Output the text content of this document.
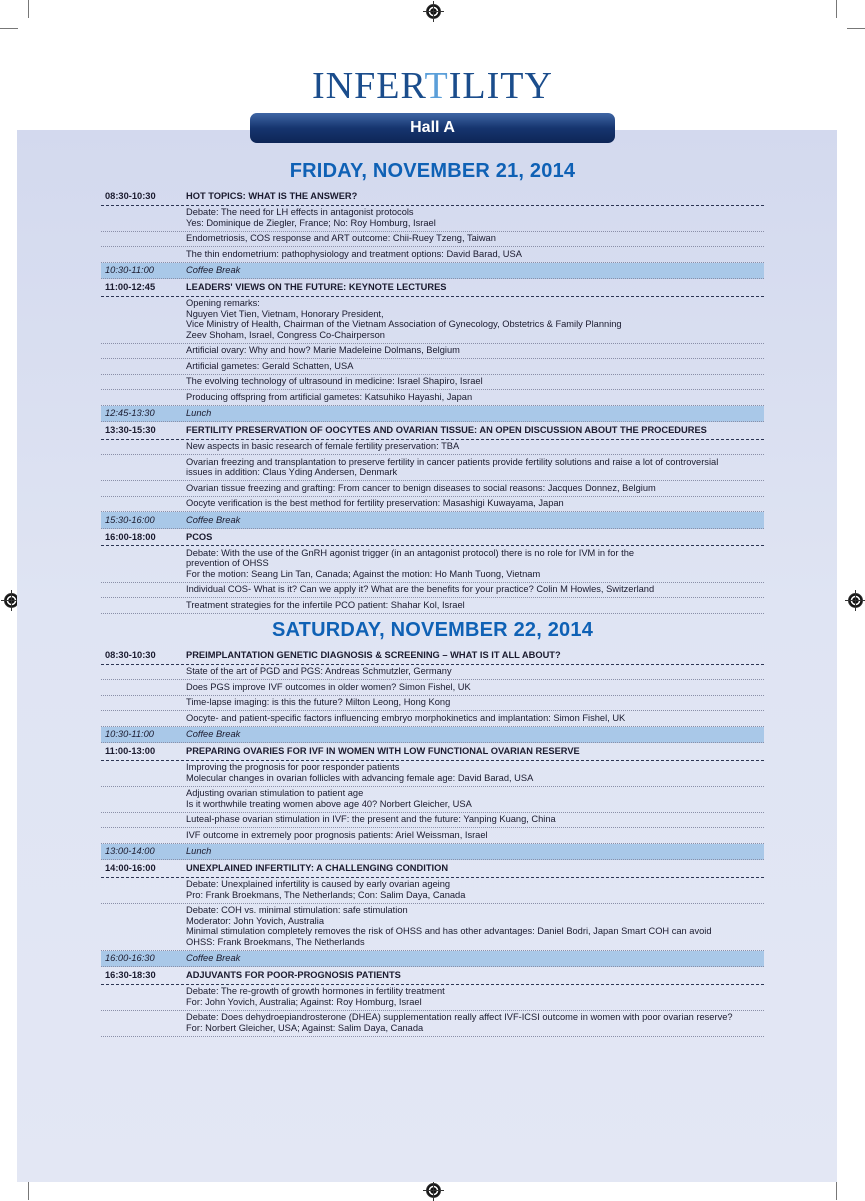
INFERTILITY
Hall A
FRIDAY, NOVEMBER 21, 2014
08:30-10:30	HOT TOPICS: WHAT IS THE ANSWER?
Debate: The need for LH effects in antagonist protocols
Yes: Dominique de Ziegler, France; No: Roy Homburg, Israel
Endometriosis, COS response and ART outcome: Chii-Ruey Tzeng, Taiwan
The thin endometrium: pathophysiology and treatment options: David Barad, USA
10:30-11:00	Coffee Break
11:00-12:45	LEADERS' VIEWS ON THE FUTURE: KEYNOTE LECTURES
Opening remarks:
Nguyen Viet Tien, Vietnam, Honorary President,
Vice Ministry of Health, Chairman of the Vietnam Association of Gynecology, Obstetrics & Family Planning
Zeev Shoham, Israel, Congress Co-Chairperson
Artificial ovary: Why and how? Marie Madeleine Dolmans, Belgium
Artificial gametes: Gerald Schatten, USA
The evolving technology of ultrasound in medicine: Israel Shapiro, Israel
Producing offspring from artificial gametes: Katsuhiko Hayashi, Japan
12:45-13:30	Lunch
13:30-15:30	FERTILITY PRESERVATION OF OOCYTES AND OVARIAN TISSUE: AN OPEN DISCUSSION ABOUT THE PROCEDURES
New aspects in basic research of female fertility preservation: TBA
Ovarian freezing and transplantation to preserve fertility in cancer patients provide fertility solutions and raise a lot of controversial
issues in addition: Claus Yding Andersen, Denmark
Ovarian tissue freezing and grafting: From cancer to benign diseases to social reasons: Jacques Donnez, Belgium
Oocyte verification is the best method for fertility preservation: Masashigi Kuwayama, Japan
15:30-16:00	Coffee Break
16:00-18:00	PCOS
Debate: With the use of the GnRH agonist trigger (in an antagonist protocol) there is no role for IVM in for the
prevention of OHSS
For the motion: Seang Lin Tan, Canada; Against the motion: Ho Manh Tuong, Vietnam
Individual COS- What is it? Can we apply it? What are the benefits for your practice? Colin M Howles, Switzerland
Treatment strategies for the infertile PCO patient: Shahar Kol, Israel
SATURDAY, NOVEMBER 22, 2014
08:30-10:30	PREIMPLANTATION GENETIC DIAGNOSIS & SCREENING – WHAT IS IT ALL ABOUT?
State of the art of PGD and PGS: Andreas Schmutzler, Germany
Does PGS improve IVF outcomes in older women? Simon Fishel, UK
Time-lapse imaging: is this the future? Milton Leong, Hong Kong
Oocyte- and patient-specific factors influencing embryo morphokinetics and implantation: Simon Fishel, UK
10:30-11:00	Coffee Break
11:00-13:00	PREPARING OVARIES FOR IVF IN WOMEN WITH LOW FUNCTIONAL OVARIAN RESERVE
Improving the prognosis for poor responder patients
Molecular changes in ovarian follicles with advancing female age: David Barad, USA
Adjusting ovarian stimulation to patient age
Is it worthwhile treating women above age 40? Norbert Gleicher, USA
Luteal-phase ovarian stimulation in IVF: the present and the future: Yanping Kuang, China
IVF outcome in extremely poor prognosis patients: Ariel Weissman, Israel
13:00-14:00	Lunch
14:00-16:00	UNEXPLAINED INFERTILITY: A CHALLENGING CONDITION
Debate: Unexplained infertility is caused by early ovarian ageing
Pro: Frank Broekmans, The Netherlands; Con: Salim Daya, Canada
Debate: COH vs. minimal stimulation: safe stimulation
Moderator: John Yovich, Australia
Minimal stimulation completely removes the risk of OHSS and has other advantages: Daniel Bodri, Japan Smart COH can avoid
OHSS: Frank Broekmans, The Netherlands
16:00-16:30	Coffee Break
16:30-18:30	ADJUVANTS FOR POOR-PROGNOSIS PATIENTS
Debate: The re-growth of growth hormones in fertility treatment
For: John Yovich, Australia; Against: Roy Homburg, Israel
Debate: Does dehydroepiandrosterone (DHEA) supplementation really affect IVF-ICSI outcome in women with poor ovarian reserve?
For: Norbert Gleicher, USA; Against: Salim Daya, Canada
